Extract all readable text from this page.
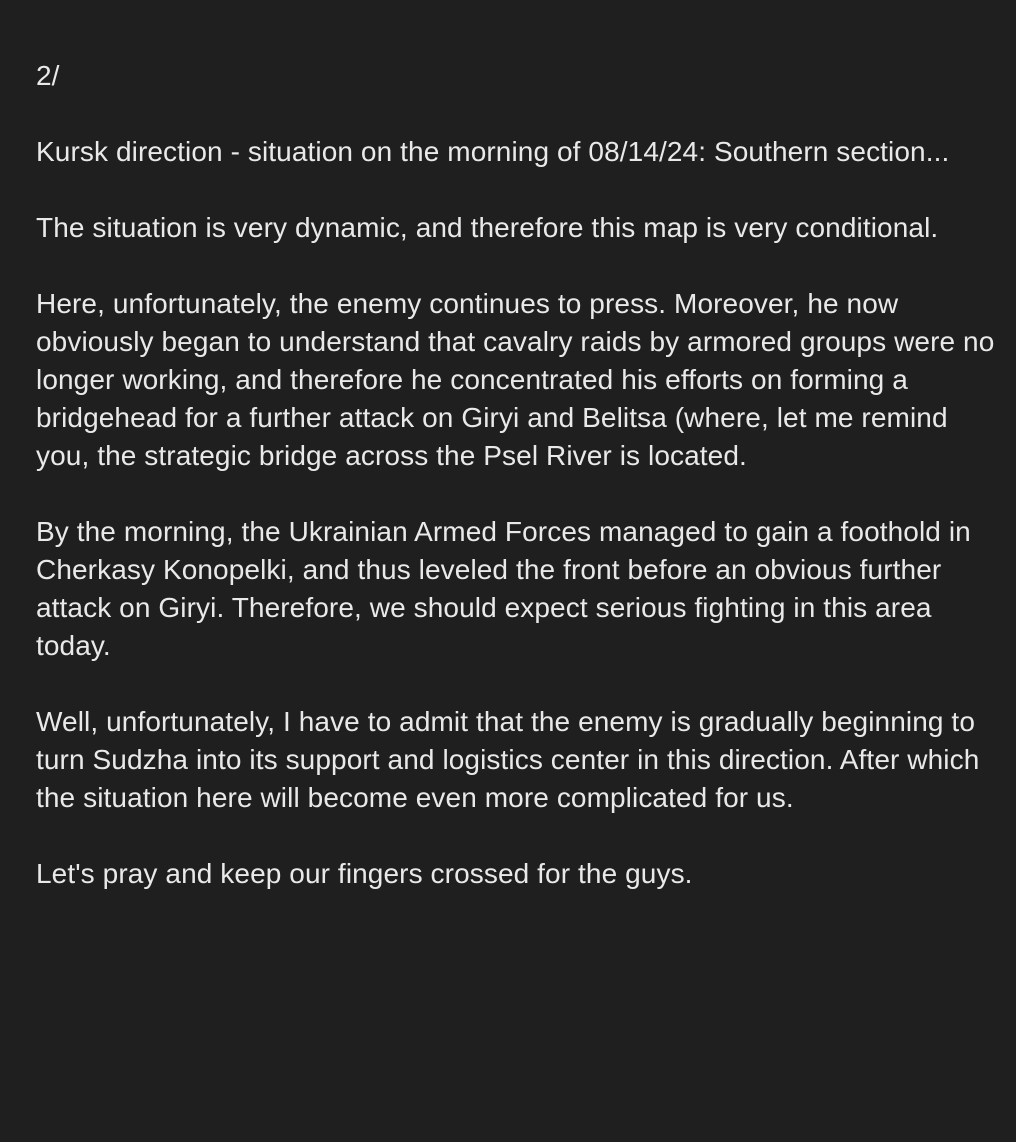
2/

Kursk direction - situation on the morning of 08/14/24: Southern section...

The situation is very dynamic, and therefore this map is very conditional.

Here, unfortunately, the enemy continues to press. Moreover, he now obviously began to understand that cavalry raids by armored groups were no longer working, and therefore he concentrated his efforts on forming a bridgehead for a further attack on Giryi and Belitsa (where, let me remind you, the strategic bridge across the Psel River is located.

By the morning, the Ukrainian Armed Forces managed to gain a foothold in Cherkasy Konopelki, and thus leveled the front before an obvious further attack on Giryi. Therefore, we should expect serious fighting in this area today.

Well, unfortunately, I have to admit that the enemy is gradually beginning to turn Sudzha into its support and logistics center in this direction. After which the situation here will become even more complicated for us.

Let's pray and keep our fingers crossed for the guys.
